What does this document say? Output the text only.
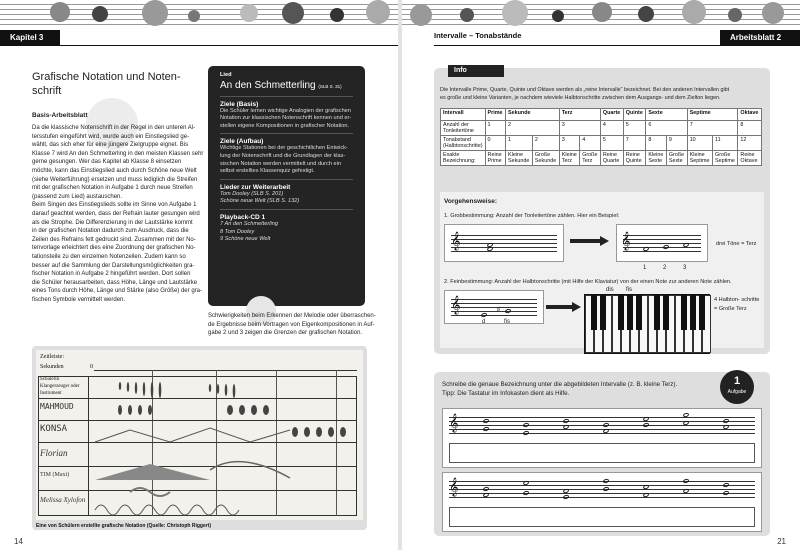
Kapitel 3
Grafische Notation und Noten-
schrift
Basis-Arbeitsblatt
Da die klassische Notenschrift in der Regel in den unteren Al-
tersstufen eingeführt wird, wurde auch ein Einstiegslied ge-
wählt, das sich eher für eine jüngere Zielgruppe eignet. Bis
Klasse 7 wird An den Schmetterling in den meisten Klassen sehr
gerne gesungen. Wer das Kapitel ab Klasse 8 einsetzen
möchte, kann das Einstiegslied auch durch Schöne neue Welt
(siehe Weiterführung) ersetzen und muss lediglich die Streifen
mit der grafischen Notation in Aufgabe 1 durch neue Streifen
(passend zum Lied) austauschen.
Beim Singen des Einstiegslieds sollte im Sinne von Aufgabe 1
darauf geachtet werden, dass der Refrain lauter gesungen wird
als die Strophe. Die Differenzierung in der Lautstärke kommt
in der grafischen Notation dadurch zum Ausdruck, dass die
Zeilen des Refrains fett gedruckt sind. Zusammen mit der No-
tenvorlage erleichtert dies eine Zuordnung der grafischen No-
tationsteile zu den einzelnen Notenzeilen. Zudem kann so
besser auf die Sammlung der Darstellungsmöglichkeiten gra-
fischer Notation in Aufgabe 2 hingeführt werden. Dort sollen
die Schüler herausarbeiten, dass Höhe, Länge und Lautstärke
eines Tons durch Höhe, Länge und Stärke (also Größe) der gra-
fischen Symbole vermittelt werden.
Lied
An den Schmetterling (SLB S. 31)
Ziele (Basis)
Die Schüler lernen wichtige Analogien der grafischen
Notation zur klassischen Notenschrift kennen und er-
stellen eigene Kompositionen in grafischer Notation.
Ziele (Aufbau)
Wichtige Stationen bei der geschichtlichen Entwick-
lung der Notenschrift und die Grundlagen der klas-
sischen Notation werden vermittelt und durch ein
selbst erstelltes Klassenquiz gefestigt.
Lieder zur Weiterarbeit
Tom Dooley (SLB S. 201)
Schöne neue Welt (SLB S. 132)
Playback-CD 1
7 An den Schmetterling
8 Tom Dooley
9 Schöne neue Welt
Schwierigkeiten beim Erkennen der Melodie oder überraschen-
de Ergebnisse beim Vortragen von Eigenkompositionen in Auf-
gabe 2 und 3 zeigen die Grenzen der grafischen Notation.
Zeitleiste:
Sekunden	0
Schülerin Klangerzeuger oder Instrument
MAHMOUD
KONSA
Florian
TIM (Maxi)
Melissa Xylofon
Eine von Schülern erstellte grafische Notation (Quelle: Christoph Riggert)
14
Intervalle – Tonabstände	Arbeitsblatt 2
Info
Die Intervalle Prime, Quarte, Quinte und Oktave werden als „reine Intervalle“ bezeichnet. Bei den anderen Intervallen gibt
es große und kleine Varianten, je nachdem wieviele Halbtonschritte zwischen dem Ausgangs- und dem Zielton liegen.
Intervall	Prime	Sekunde		Terz		Quarte	Quinte	Sexte		Septime		Oktave
Anzahl der Tonleitertöne	1	2		3		4	5	6		7		8
Tonabstand (Halbtonschritte)	0	1	2	3	4	5	7	8	9	10	11	12
Exakte Bezeichnung:	Reine Prime	Kleine Sekunde	Große Sekunde	Kleine Terz	Große Terz	Reine Quarte	Reine Quinte	Kleine Sexte	Große Sexte	Kleine Septime	Große Septime	Reine Oktave
Vorgehensweise:
1. Grobbestimmung: Anzahl der Tonleitertöne zählen. Hier ein Beispiel:
𝄞	𝄞
1	2	3
drei Töne = Terz
2. Feinbestimmung: Anzahl der Halbtonschritte (mit Hilfe der Klaviatur) von der einen Note zur anderen Note zählen.
𝄞	♯
d	fis
dis fis
4 Halbton- schritte = Große Terz
Schreibe die genaue Bezeichnung unter die abgebildeten Intervalle (z. B. kleine Terz).
Tipp: Die Tastatur im Infokasten dient als Hilfe.
1
Aufgabe
𝄞
𝄞
21
